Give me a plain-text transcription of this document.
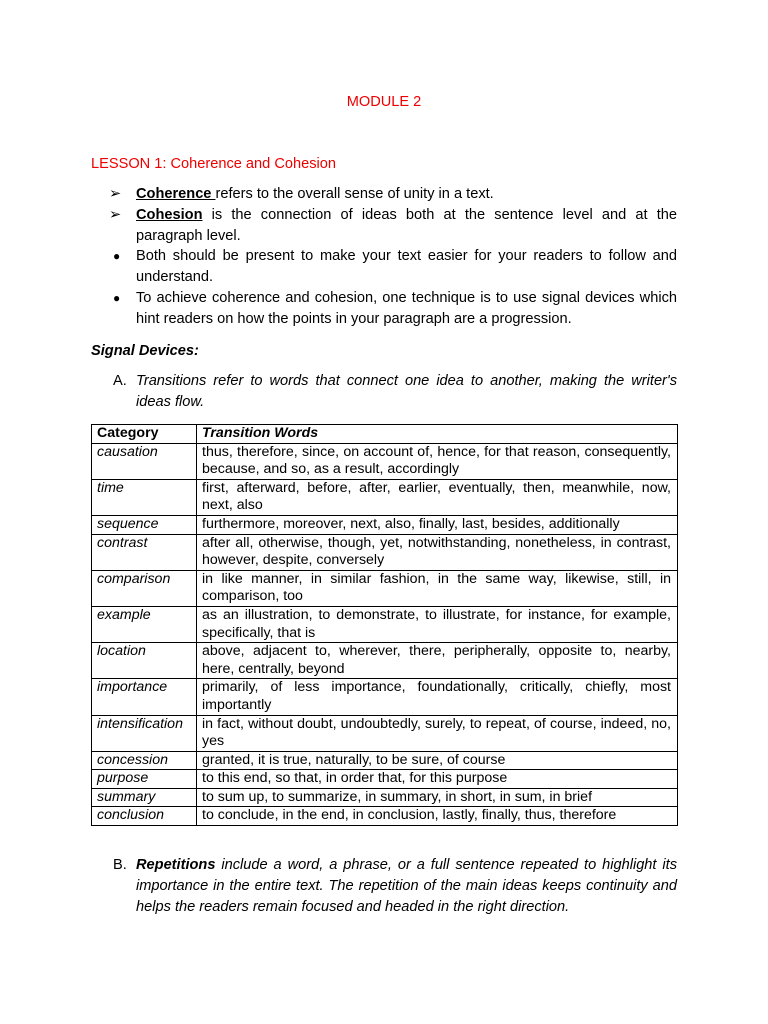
MODULE 2
LESSON 1: Coherence and Cohesion
➢	Coherence refers to the overall sense of unity in a text.
➢	Cohesion is the connection of ideas both at the sentence level and at the paragraph level.
●	Both should be present to make your text easier for your readers to follow and understand.
●	To achieve coherence and cohesion, one technique is to use signal devices which hint readers on how the points in your paragraph are a progression.
Signal Devices:
A. Transitions refer to words that connect one idea to another, making the writer's ideas flow.
Category	Transition Words
causation	thus, therefore, since, on account of, hence, for that reason, consequently, because, and so, as a result, accordingly
time	first, afterward, before, after, earlier, eventually, then, meanwhile, now, next, also
sequence	furthermore, moreover, next, also, finally, last, besides, additionally
contrast	after all, otherwise, though, yet, notwithstanding, nonetheless, in contrast, however, despite, conversely
comparison	in like manner, in similar fashion, in the same way, likewise, still, in comparison, too
example	as an illustration, to demonstrate, to illustrate, for instance, for example, specifically, that is
location	above, adjacent to, wherever, there, peripherally, opposite to, nearby, here, centrally, beyond
importance	primarily, of less importance, foundationally, critically, chiefly, most importantly
intensification	in fact, without doubt, undoubtedly, surely, to repeat, of course, indeed, no, yes
concession	granted, it is true, naturally, to be sure, of course
purpose	to this end, so that, in order that, for this purpose
summary	to sum up, to summarize, in summary, in short, in sum, in brief
conclusion	to conclude, in the end, in conclusion, lastly, finally, thus, therefore
B. Repetitions include a word, a phrase, or a full sentence repeated to highlight its importance in the entire text. The repetition of the main ideas keeps continuity and helps the readers remain focused and headed in the right direction.
